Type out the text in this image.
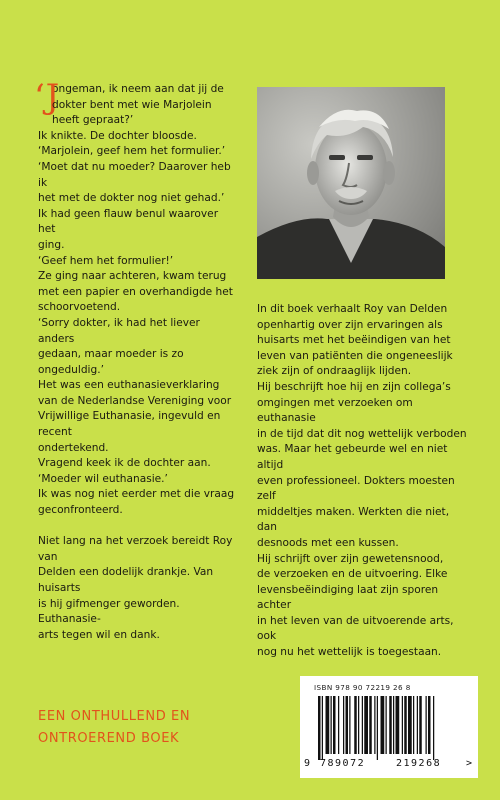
‘J
ongeman, ik neem aan dat jij de

dokter bent met wie Marjolein

heeft gepraat?’

Ik knikte. De dochter bloosde.

‘Marjolein, geef hem het formulier.’

‘Moet dat nu moeder? Daarover heb ik

het met de dokter nog niet gehad.’

Ik had geen flauw benul waarover het

ging.

‘Geef hem het formulier!’

Ze ging naar achteren, kwam terug

met een papier en overhandigde het

schoorvoetend.

‘Sorry dokter, ik had het liever anders

gedaan, maar moeder is zo ongeduldig.’

Het was een euthanasieverklaring

van de Nederlandse Vereniging voor

Vrijwillige Euthanasie, ingevuld en recent

ondertekend.

Vragend keek ik de dochter aan.

‘Moeder wil euthanasie.’

Ik was nog niet eerder met die vraag

geconfronteerd.

Niet lang na het verzoek bereidt Roy van

Delden een dodelijk drankje. Van huisarts

is hij gifmenger geworden. Euthanasie-

arts tegen wil en dank.

In dit boek verhaalt Roy van Delden

openhartig over zijn ervaringen als

huisarts met het beëindigen van het

leven van patiënten die ongeneeslijk

ziek zijn of ondraaglijk lijden.

Hij beschrijft hoe hij en zijn collega’s

omgingen met verzoeken om euthanasie

in de tijd dat dit nog wettelijk verboden

was. Maar het gebeurde wel en niet altijd

even professioneel. Dokters moesten zelf

middeltjes maken. Werkten die niet, dan

desnoods met een kussen.

Hij schrijft over zijn gewetensnood,

de verzoeken en de uitvoering. Elke

levensbeëindiging laat zijn sporen achter

in het leven van de uitvoerende arts, ook

nog nu het wettelijk is toegestaan.

EEN ONTHULLEND EN
ONTROEREND BOEK
ISBN 978 90 72219 26 8
9 789072	219268 >
